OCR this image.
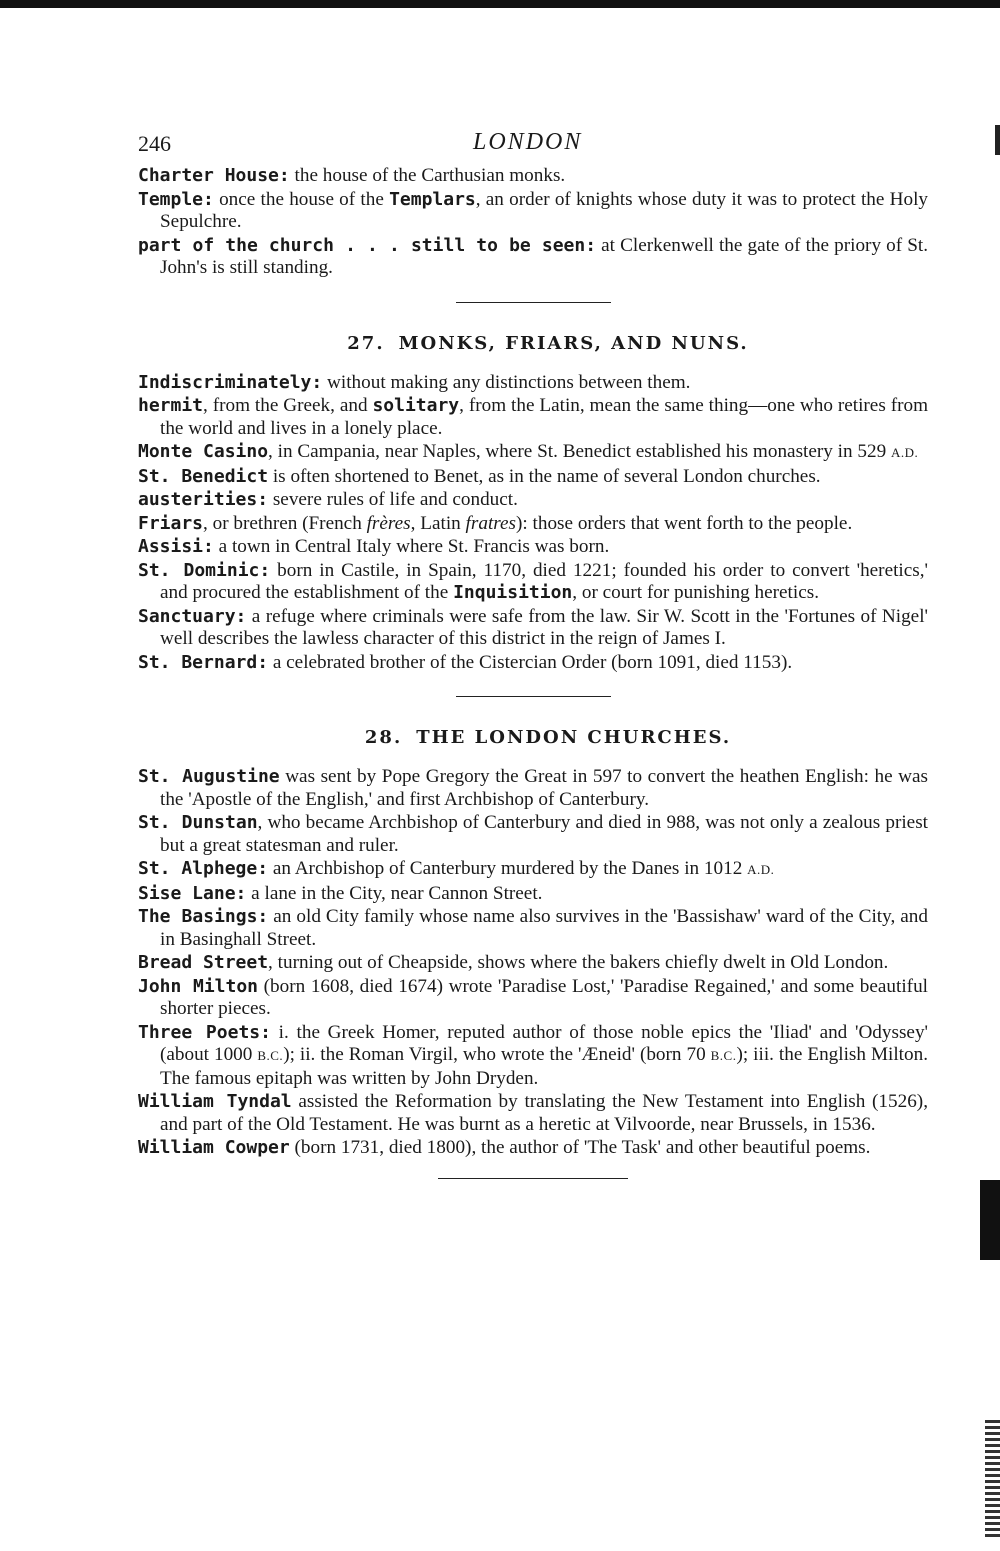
246	LONDON

Charter House: the house of the Carthusian monks.

Temple: once the house of the Templars, an order of knights whose duty it was to protect the Holy Sepulchre.

part of the church . . . still to be seen: at Clerkenwell the gate of the priory of St. John's is still standing.

27. MONKS, FRIARS, AND NUNS.

Indiscriminately: without making any distinctions between them.

hermit, from the Greek, and solitary, from the Latin, mean the same thing—one who retires from the world and lives in a lonely place.

Monte Casino, in Campania, near Naples, where St. Benedict established his monastery in 529 A.D.

St. Benedict is often shortened to Benet, as in the name of several London churches.

austerities: severe rules of life and conduct.

Friars, or brethren (French frères, Latin fratres): those orders that went forth to the people.

Assisi: a town in Central Italy where St. Francis was born.

St. Dominic: born in Castile, in Spain, 1170, died 1221; founded his order to convert 'heretics,' and procured the establishment of the Inquisition, or court for punishing heretics.

Sanctuary: a refuge where criminals were safe from the law. Sir W. Scott in the 'Fortunes of Nigel' well describes the lawless character of this district in the reign of James I.

St. Bernard: a celebrated brother of the Cistercian Order (born 1091, died 1153).

28. THE LONDON CHURCHES.

St. Augustine was sent by Pope Gregory the Great in 597 to convert the heathen English: he was the 'Apostle of the English,' and first Archbishop of Canterbury.

St. Dunstan, who became Archbishop of Canterbury and died in 988, was not only a zealous priest but a great statesman and ruler.

St. Alphege: an Archbishop of Canterbury murdered by the Danes in 1012 A.D.

Sise Lane: a lane in the City, near Cannon Street.

The Basings: an old City family whose name also survives in the 'Bassishaw' ward of the City, and in Basinghall Street.

Bread Street, turning out of Cheapside, shows where the bakers chiefly dwelt in Old London.

John Milton (born 1608, died 1674) wrote 'Paradise Lost,' 'Paradise Regained,' and some beautiful shorter pieces.

Three Poets: i. the Greek Homer, reputed author of those noble epics the 'Iliad' and 'Odyssey' (about 1000 B.C.); ii. the Roman Virgil, who wrote the 'Æneid' (born 70 B.C.); iii. the English Milton. The famous epitaph was written by John Dryden.

William Tyndal assisted the Reformation by translating the New Testament into English (1526), and part of the Old Testament. He was burnt as a heretic at Vilvoorde, near Brussels, in 1536.

William Cowper (born 1731, died 1800), the author of 'The Task' and other beautiful poems.
